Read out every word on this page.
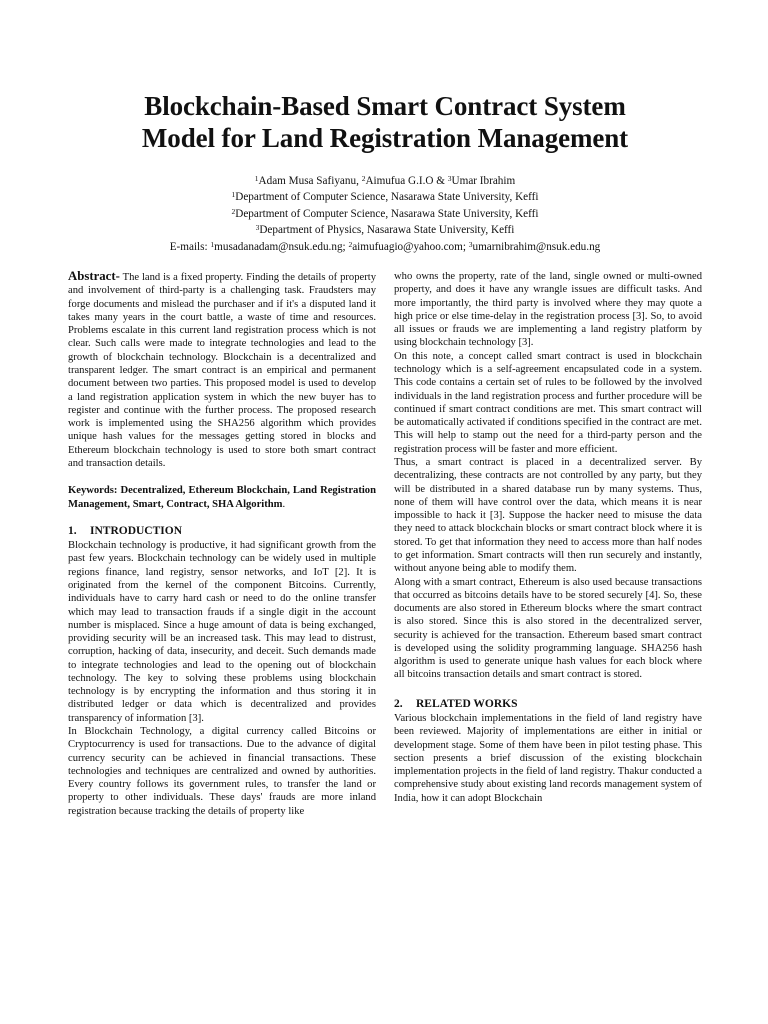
Blockchain-Based Smart Contract System
Model for Land Registration Management
$^1$Adam Musa Safiyanu, $^2$Aimufua G.I.O & $^3$Umar Ibrahim
$^1$Department of Computer Science, Nasarawa State University, Keffi
$^2$Department of Computer Science, Nasarawa State University, Keffi
$^3$Department of Physics, Nasarawa State University, Keffi
E-mails: $^1$musadanadam@nsuk.edu.ng; $^2$aimufuagio@yahoo.com; $^3$umarnibrahim@nsuk.edu.ng

Abstract- The land is a fixed property. Finding the details of property and involvement of third-party is a challenging task. Fraudsters may forge documents and mislead the purchaser and if it's a disputed land it takes many years in the court battle, a waste of time and resources. Problems escalate in this current land registration process which is not clear. Such calls were made to integrate technologies and lead to the growth of blockchain technology. Blockchain is a decentralized and transparent ledger. The smart contract is an empirical and permanent document between two parties. This proposed model is used to develop a land registration application system in which the new buyer has to register and continue with the further process. The proposed research work is implemented using the SHA256 algorithm which provides unique hash values for the messages getting stored in blocks and Ethereum blockchain technology is used to store both smart contract and transaction details.

Keywords: Decentralized, Ethereum Blockchain, Land Registration Management, Smart, Contract, SHA Algorithm.

1. INTRODUCTION

Blockchain technology is productive, it had significant growth from the past few years. Blockchain technology can be widely used in multiple regions finance, land registry, sensor networks, and IoT [2]. It is originated from the kernel of the component Bitcoins. Currently, individuals have to carry hard cash or need to do the online transfer which may lead to transaction frauds if a single digit in the account number is misplaced. Since a huge amount of data is being exchanged, providing security will be an increased task. This may lead to distrust, corruption, hacking of data, insecurity, and deceit. Such demands made to integrate technologies and lead to the opening out of blockchain technology. The key to solving these problems using blockchain technology is by encrypting the information and thus storing it in distributed ledger or data which is decentralized and provides transparency of information [3].

In Blockchain Technology, a digital currency called Bitcoins or Cryptocurrency is used for transactions. Due to the advance of digital currency security can be achieved in financial transactions. These technologies and techniques are centralized and owned by authorities. Every country follows its government rules, to transfer the land or property to other individuals. These days' frauds are more inland registration because tracking the details of property like

who owns the property, rate of the land, single owned or multi-owned property, and does it have any wrangle issues are difficult tasks. And more importantly, the third party is involved where they may quote a high price or else time-delay in the registration process [3]. So, to avoid all issues or frauds we are implementing a land registry platform by using blockchain technology [3].

On this note, a concept called smart contract is used in blockchain technology which is a self-agreement encapsulated code in a system. This code contains a certain set of rules to be followed by the involved individuals in the land registration process and further procedure will be continued if smart contract conditions are met. This smart contract will be automatically activated if conditions specified in the contract are met. This will help to stamp out the need for a third-party person and the registration process will be faster and more efficient.

Thus, a smart contract is placed in a decentralized server. By decentralizing, these contracts are not controlled by any party, but they will be distributed in a shared database run by many systems. Thus, none of them will have control over the data, which means it is near impossible to hack it [3]. Suppose the hacker need to misuse the data they need to attack blockchain blocks or smart contract block where it is stored. To get that information they need to access more than half nodes to get information. Smart contracts will then run securely and instantly, without anyone being able to modify them.

Along with a smart contract, Ethereum is also used because transactions that occurred as bitcoins details have to be stored securely [4]. So, these documents are also stored in Ethereum blocks where the smart contract is also stored. Since this is also stored in the decentralized server, security is achieved for the transaction. Ethereum based smart contract is developed using the solidity programming language. SHA256 hash algorithm is used to generate unique hash values for each block where all bitcoins transaction details and smart contract is stored.

2. RELATED WORKS

Various blockchain implementations in the field of land registry have been reviewed. Majority of implementations are either in initial or development stage. Some of them have been in pilot testing phase. This section presents a brief discussion of the existing blockchain implementation projects in the field of land registry. Thakur conducted a comprehensive study about existing land records management system of India, how it can adopt Blockchain
